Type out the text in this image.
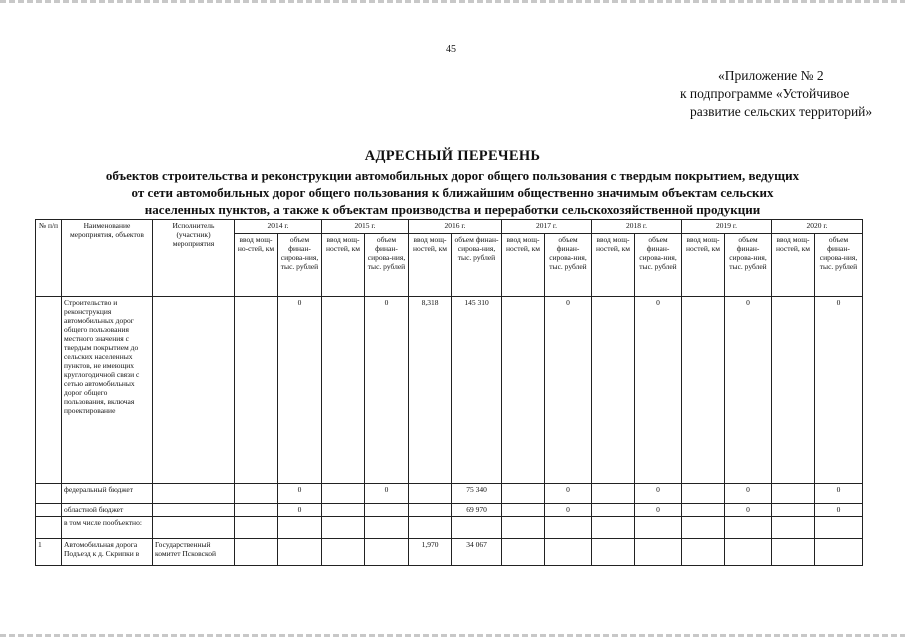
45
«Приложение № 2
к подпрограмме «Устойчивое
развитие сельских территорий»
АДРЕСНЫЙ ПЕРЕЧЕНЬ
объектов строительства и реконструкции автомобильных дорог общего пользования с твердым покрытием, ведущих
от сети автомобильных дорог общего пользования к ближайшим общественно значимым объектам сельских
населенных пунктов, а также к объектам производства и переработки сельскохозяйственной продукции
№ п/п	Наименование мероприятия, объектов	Исполнитель (участник) мероприятия	2014 г.		2015 г.		2016 г.		2017 г.		2018 г.		2019 г.		2020 г.	
			ввод мощ-но-стей, км	объем финан-сирова-ния, тыс. рублей	ввод мощ-ностей, км	объем финан-сирова-ния, тыс. рублей	ввод мощ-ностей, км	объем финан-сирова-ния, тыс. рублей	ввод мощ-ностей, км	объем финан-сирова-ния, тыс. рублей	ввод мощ-ностей, км	объем финан-сирова-ния, тыс. рублей	ввод мощ-ностей, км	объем финан-сирова-ния, тыс. рублей	ввод мощ-ностей, км	объем финан-сирова-ния, тыс. рублей
	Строительство и реконструкция автомобильных дорог общего пользования местного значения с твердым покрытием до сельских населенных пунктов, не имеющих круглогодичной связи с сетью автомобильных дорог общего пользования, включая проектирование			0		0	8,318	145 310		0		0		0		0
	федеральный бюджет			0		0		75 340		0		0		0		0
	областной бюджет			0				69 970		0		0		0		0
	в том числе пообъектно:															
1	Автомобильная дорога Подъезд к д. Скрипки в	Государственный комитет Псковской					1,970	34 067								
